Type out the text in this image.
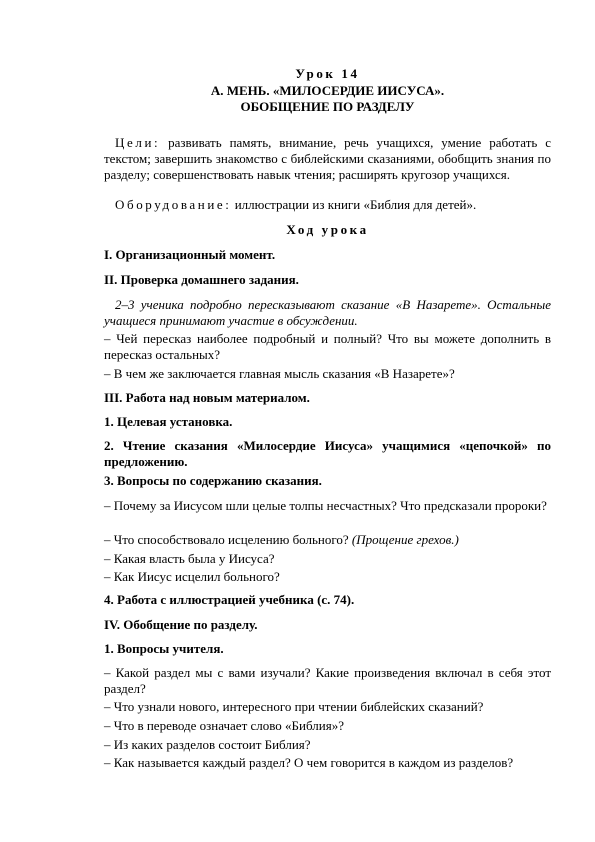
Урок 14
А. МЕНЬ. «МИЛОСЕРДИЕ ИИСУСА».
ОБОБЩЕНИЕ ПО РАЗДЕЛУ
Цели: развивать память, внимание, речь учащихся, умение работать с текстом; завершить знакомство с библейскими сказаниями, обобщить знания по разделу; совершенствовать навык чтения; расширять кругозор учащихся.
Оборудование: иллюстрации из книги «Библия для детей».
Ход урока
I. Организационный момент.
II. Проверка домашнего задания.
2–3 ученика подробно пересказывают сказание «В Назарете». Остальные учащиеся принимают участие в обсуждении.
– Чей пересказ наиболее подробный и полный? Что вы можете дополнить в пересказ остальных?
– В чем же заключается главная мысль сказания «В Назарете»?
III. Работа над новым материалом.
1. Целевая установка.
2. Чтение сказания «Милосердие Иисуса» учащимися «цепочкой» по предложению.
3. Вопросы по содержанию сказания.
– Почему за Иисусом шли целые толпы несчастных? Что предсказали пророки?
– Что способствовало исцелению больного? (Прощение грехов.)
– Какая власть была у Иисуса?
– Как Иисус исцелил больного?
4. Работа с иллюстрацией учебника (с. 74).
IV. Обобщение по разделу.
1. Вопросы учителя.
– Какой раздел мы с вами изучали? Какие произведения включал в себя этот раздел?
– Что узнали нового, интересного при чтении библейских сказаний?
– Что в переводе означает слово «Библия»?
– Из каких разделов состоит Библия?
– Как называется каждый раздел? О чем говорится в каждом из разделов?
